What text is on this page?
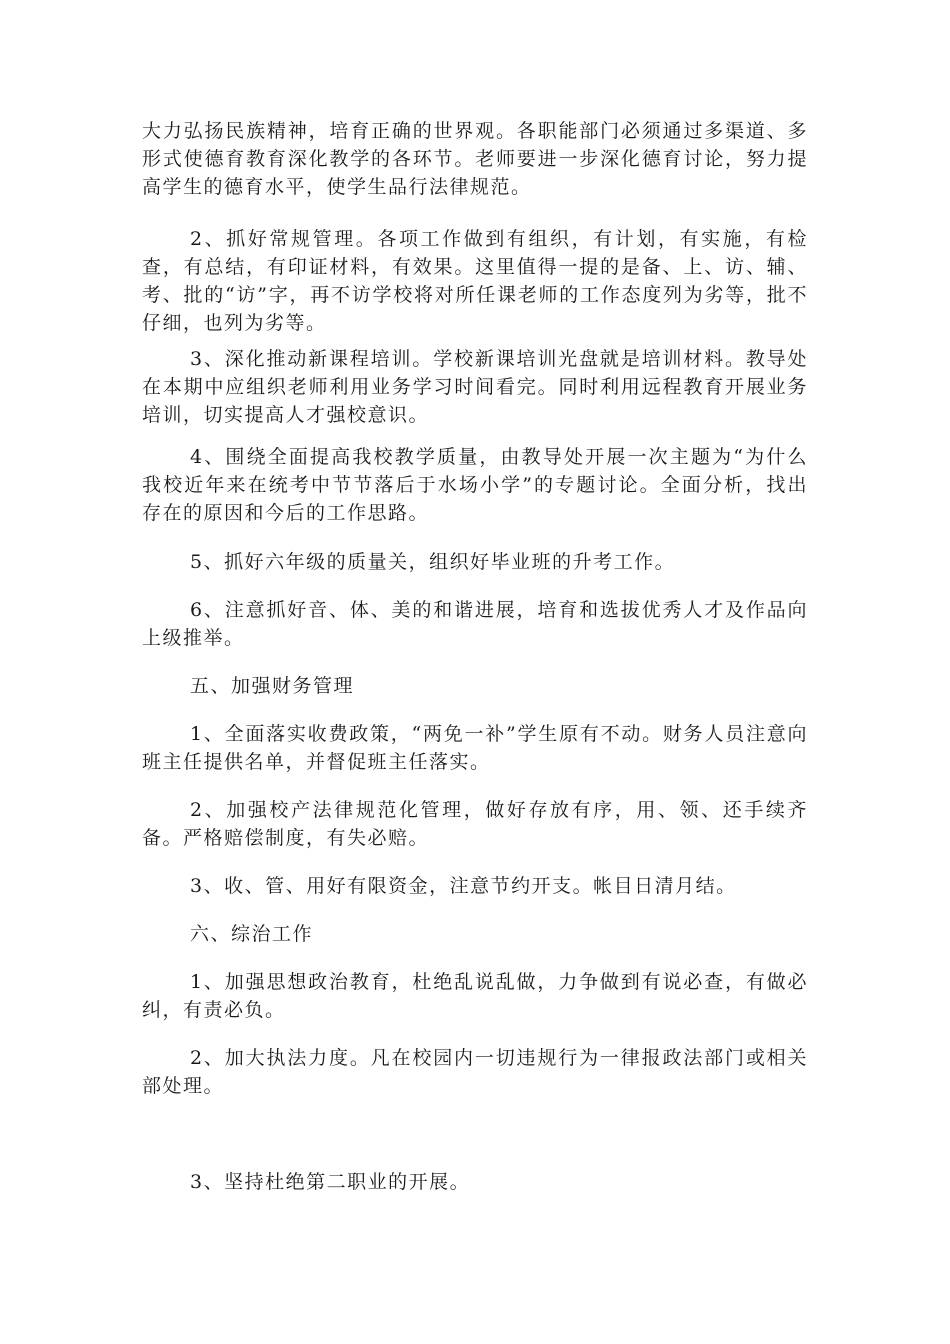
大力弘扬民族精神，培育正确的世界观。各职能部门必须通过多渠道、多形式使德育教育深化教学的各环节。老师要进一步深化德育讨论，努力提高学生的德育水平，使学生品行法律规范。

2、抓好常规管理。各项工作做到有组织，有计划，有实施，有检查，有总结，有印证材料，有效果。这里值得一提的是备、上、访、辅、考、批的“访”字，再不访学校将对所任课老师的工作态度列为劣等，批不仔细，也列为劣等。

3、深化推动新课程培训。学校新课培训光盘就是培训材料。教导处在本期中应组织老师利用业务学习时间看完。同时利用远程教育开展业务培训，切实提高人才强校意识。

4、围绕全面提高我校教学质量，由教导处开展一次主题为“为什么我校近年来在统考中节节落后于水场小学”的专题讨论。全面分析，找出存在的原因和今后的工作思路。

5、抓好六年级的质量关，组织好毕业班的升考工作。

6、注意抓好音、体、美的和谐进展，培育和选拔优秀人才及作品向上级推举。

五、加强财务管理

1、全面落实收费政策，“两免一补”学生原有不动。财务人员注意向班主任提供名单，并督促班主任落实。

2、加强校产法律规范化管理，做好存放有序，用、领、还手续齐备。严格赔偿制度，有失必赔。

3、收、管、用好有限资金，注意节约开支。帐目日清月结。

六、综治工作

1、加强思想政治教育，杜绝乱说乱做，力争做到有说必查，有做必纠，有责必负。

2、加大执法力度。凡在校园内一切违规行为一律报政法部门或相关部处理。

3、坚持杜绝第二职业的开展。
